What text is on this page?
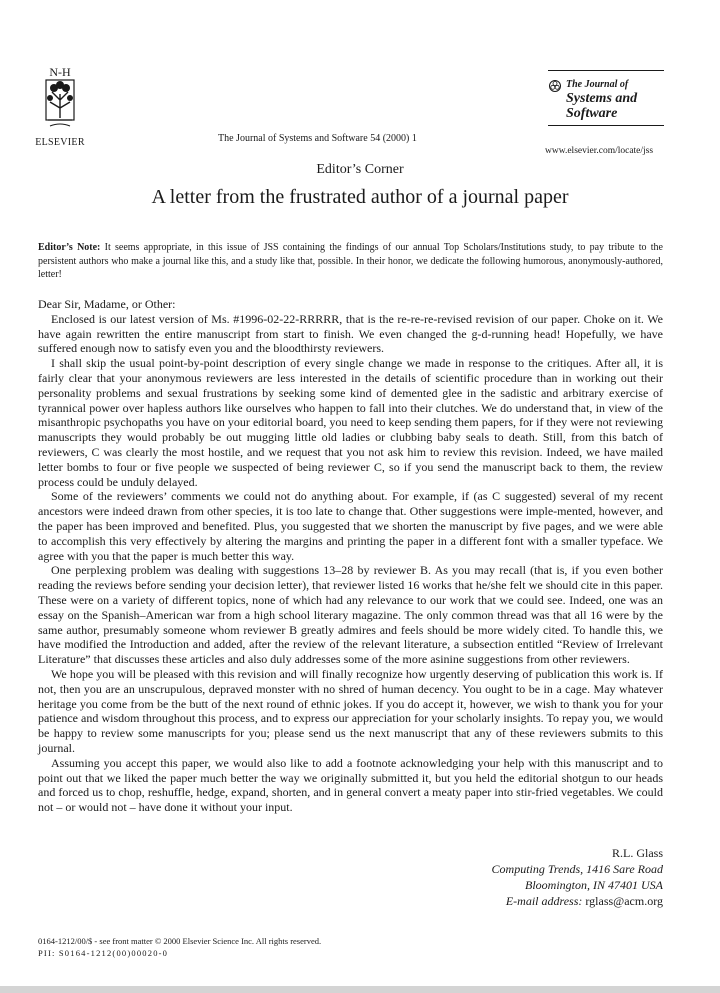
N-H
ELSEVIER	The Journal of Systems and Software 54 (2000) 1
The Journal of
Systems and
Software
www.elsevier.com/locate/jss
Editor’s Corner
A letter from the frustrated author of a journal paper
Editor’s Note: It seems appropriate, in this issue of JSS containing the findings of our annual Top Scholars/Institutions study, to pay tribute to the persistent authors who make a journal like this, and a study like that, possible. In their honor, we dedicate the following humorous, anonymously-authored, letter!

Dear Sir, Madame, or Other:

Enclosed is our latest version of Ms. #1996-02-22-RRRRR, that is the re-re-re-revised revision of our paper. Choke on it. We have again rewritten the entire manuscript from start to finish. We even changed the g-d-running head! Hopefully, we have suffered enough now to satisfy even you and the bloodthirsty reviewers.

I shall skip the usual point-by-point description of every single change we made in response to the critiques. After all, it is fairly clear that your anonymous reviewers are less interested in the details of scientific procedure than in working out their personality problems and sexual frustrations by seeking some kind of demented glee in the sadistic and arbitrary exercise of tyrannical power over hapless authors like ourselves who happen to fall into their clutches. We do understand that, in view of the misanthropic psychopaths you have on your editorial board, you need to keep sending them papers, for if they were not reviewing manuscripts they would probably be out mugging little old ladies or clubbing baby seals to death. Still, from this batch of reviewers, C was clearly the most hostile, and we request that you not ask him to review this revision. Indeed, we have mailed letter bombs to four or five people we suspected of being reviewer C, so if you send the manuscript back to them, the review process could be unduly delayed.

Some of the reviewers’ comments we could not do anything about. For example, if (as C suggested) several of my recent ancestors were indeed drawn from other species, it is too late to change that. Other suggestions were imple-mented, however, and the paper has been improved and benefited. Plus, you suggested that we shorten the manuscript by five pages, and we were able to accomplish this very effectively by altering the margins and printing the paper in a different font with a smaller typeface. We agree with you that the paper is much better this way.

One perplexing problem was dealing with suggestions 13–28 by reviewer B. As you may recall (that is, if you even bother reading the reviews before sending your decision letter), that reviewer listed 16 works that he/she felt we should cite in this paper. These were on a variety of different topics, none of which had any relevance to our work that we could see. Indeed, one was an essay on the Spanish–American war from a high school literary magazine. The only common thread was that all 16 were by the same author, presumably someone whom reviewer B greatly admires and feels should be more widely cited. To handle this, we have modified the Introduction and added, after the review of the relevant literature, a subsection entitled “Review of Irrelevant Literature” that discusses these articles and also duly addresses some of the more asinine suggestions from other reviewers.

We hope you will be pleased with this revision and will finally recognize how urgently deserving of publication this work is. If not, then you are an unscrupulous, depraved monster with no shred of human decency. You ought to be in a cage. May whatever heritage you come from be the butt of the next round of ethnic jokes. If you do accept it, however, we wish to thank you for your patience and wisdom throughout this process, and to express our appreciation for your scholarly insights. To repay you, we would be happy to review some manuscripts for you; please send us the next manuscript that any of these reviewers submits to this journal.

Assuming you accept this paper, we would also like to add a footnote acknowledging your help with this manuscript and to point out that we liked the paper much better the way we originally submitted it, but you held the editorial shotgun to our heads and forced us to chop, reshuffle, hedge, expand, shorten, and in general convert a meaty paper into stir-fried vegetables. We could not – or would not – have done it without your input.

R.L. Glass
Computing Trends, 1416 Sare Road
Bloomington, IN 47401 USA
E-mail address: rglass@acm.org
0164-1212/00/$ - see front matter © 2000 Elsevier Science Inc. All rights reserved.
PII: S0164-1212(00)00020-0
